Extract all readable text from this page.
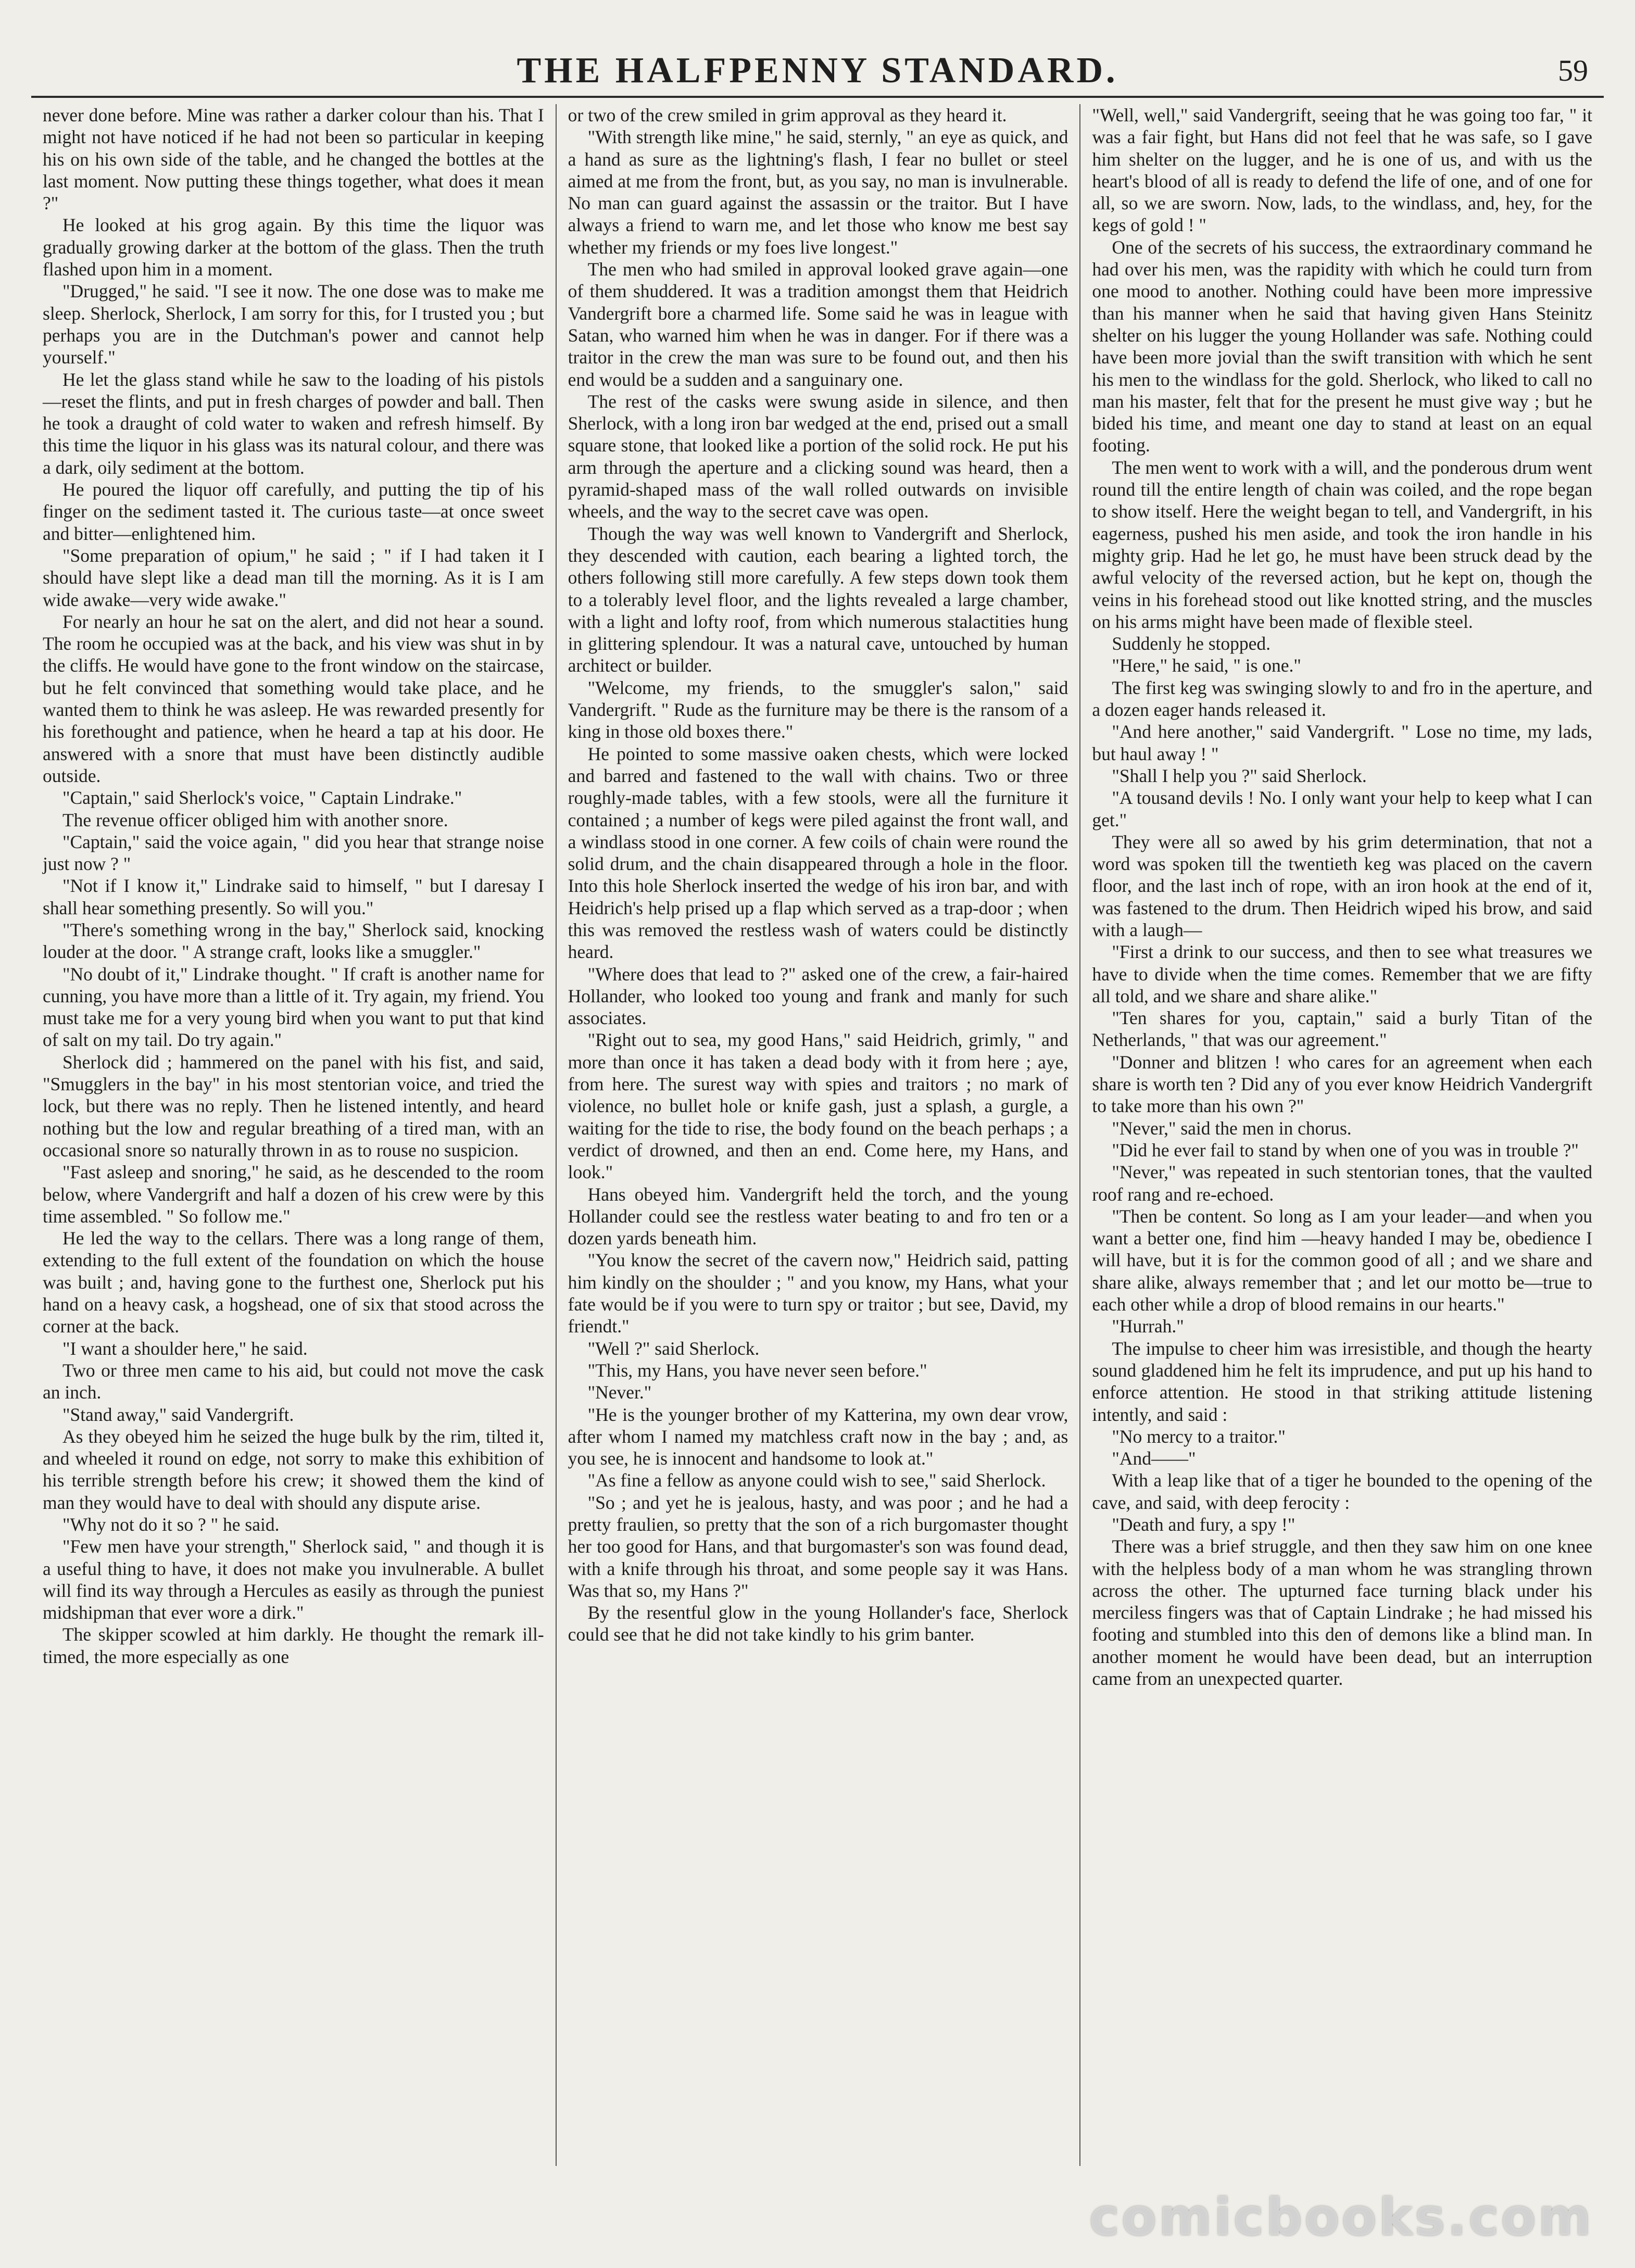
THE HALFPENNY STANDARD.	59

never done before. Mine was rather a darker colour than his. That I might not have noticed if he had not been so particular in keeping his on his own side of the table, and he changed the bottles at the last moment. Now putting these things together, what does it mean ?"

He looked at his grog again. By this time the liquor was gradually growing darker at the bottom of the glass. Then the truth flashed upon him in a moment.

"Drugged," he said. "I see it now. The one dose was to make me sleep. Sherlock, Sherlock, I am sorry for this, for I trusted you ; but perhaps you are in the Dutchman's power and cannot help yourself."

He let the glass stand while he saw to the loading of his pistols—reset the flints, and put in fresh charges of powder and ball. Then he took a draught of cold water to waken and refresh himself. By this time the liquor in his glass was its natural colour, and there was a dark, oily sediment at the bottom.

He poured the liquor off carefully, and putting the tip of his finger on the sediment tasted it. The curious taste—at once sweet and bitter—enlightened him.

"Some preparation of opium," he said ; " if I had taken it I should have slept like a dead man till the morning. As it is I am wide awake—very wide awake."

For nearly an hour he sat on the alert, and did not hear a sound. The room he occupied was at the back, and his view was shut in by the cliffs. He would have gone to the front window on the staircase, but he felt convinced that something would take place, and he wanted them to think he was asleep. He was rewarded presently for his forethought and patience, when he heard a tap at his door. He answered with a snore that must have been distinctly audible outside.

"Captain," said Sherlock's voice, " Captain Lindrake."

The revenue officer obliged him with another snore.

"Captain," said the voice again, " did you hear that strange noise just now ? "

"Not if I know it," Lindrake said to himself, " but I daresay I shall hear something presently. So will you."

"There's something wrong in the bay," Sherlock said, knocking louder at the door. " A strange craft, looks like a smuggler."

"No doubt of it," Lindrake thought. " If craft is another name for cunning, you have more than a little of it. Try again, my friend. You must take me for a very young bird when you want to put that kind of salt on my tail. Do try again."

Sherlock did ; hammered on the panel with his fist, and said, "Smugglers in the bay" in his most stentorian voice, and tried the lock, but there was no reply. Then he listened intently, and heard nothing but the low and regular breathing of a tired man, with an occasional snore so naturally thrown in as to rouse no suspicion.

"Fast asleep and snoring," he said, as he descended to the room below, where Vandergrift and half a dozen of his crew were by this time assembled. " So follow me."

He led the way to the cellars. There was a long range of them, extending to the full extent of the foundation on which the house was built ; and, having gone to the furthest one, Sherlock put his hand on a heavy cask, a hogshead, one of six that stood across the corner at the back.

"I want a shoulder here," he said.

Two or three men came to his aid, but could not move the cask an inch.

"Stand away," said Vandergrift.

As they obeyed him he seized the huge bulk by the rim, tilted it, and wheeled it round on edge, not sorry to make this exhibition of his terrible strength before his crew; it showed them the kind of man they would have to deal with should any dispute arise.

"Why not do it so ? " he said.

"Few men have your strength," Sherlock said, " and though it is a useful thing to have, it does not make you invulnerable. A bullet will find its way through a Hercules as easily as through the puniest midshipman that ever wore a dirk."

The skipper scowled at him darkly. He thought the remark ill-timed, the more especially as one

or two of the crew smiled in grim approval as they heard it.

"With strength like mine," he said, sternly, " an eye as quick, and a hand as sure as the lightning's flash, I fear no bullet or steel aimed at me from the front, but, as you say, no man is invulnerable. No man can guard against the assassin or the traitor. But I have always a friend to warn me, and let those who know me best say whether my friends or my foes live longest."

The men who had smiled in approval looked grave again—one of them shuddered. It was a tradition amongst them that Heidrich Vandergrift bore a charmed life. Some said he was in league with Satan, who warned him when he was in danger. For if there was a traitor in the crew the man was sure to be found out, and then his end would be a sudden and a sanguinary one.

The rest of the casks were swung aside in silence, and then Sherlock, with a long iron bar wedged at the end, prised out a small square stone, that looked like a portion of the solid rock. He put his arm through the aperture and a clicking sound was heard, then a pyramid-shaped mass of the wall rolled outwards on invisible wheels, and the way to the secret cave was open.

Though the way was well known to Vandergrift and Sherlock, they descended with caution, each bearing a lighted torch, the others following still more carefully. A few steps down took them to a tolerably level floor, and the lights revealed a large chamber, with a light and lofty roof, from which numerous stalactities hung in glittering splendour. It was a natural cave, untouched by human architect or builder.

"Welcome, my friends, to the smuggler's salon," said Vandergrift. " Rude as the furniture may be there is the ransom of a king in those old boxes there."

He pointed to some massive oaken chests, which were locked and barred and fastened to the wall with chains. Two or three roughly-made tables, with a few stools, were all the furniture it contained ; a number of kegs were piled against the front wall, and a windlass stood in one corner. A few coils of chain were round the solid drum, and the chain disappeared through a hole in the floor. Into this hole Sherlock inserted the wedge of his iron bar, and with Heidrich's help prised up a flap which served as a trap-door ; when this was removed the restless wash of waters could be distinctly heard.

"Where does that lead to ?" asked one of the crew, a fair-haired Hollander, who looked too young and frank and manly for such associates.

"Right out to sea, my good Hans," said Heidrich, grimly, " and more than once it has taken a dead body with it from here ; aye, from here. The surest way with spies and traitors ; no mark of violence, no bullet hole or knife gash, just a splash, a gurgle, a waiting for the tide to rise, the body found on the beach perhaps ; a verdict of drowned, and then an end. Come here, my Hans, and look."

Hans obeyed him. Vandergrift held the torch, and the young Hollander could see the restless water beating to and fro ten or a dozen yards beneath him.

"You know the secret of the cavern now," Heidrich said, patting him kindly on the shoulder ; " and you know, my Hans, what your fate would be if you were to turn spy or traitor ; but see, David, my friendt."

"Well ?" said Sherlock.

"This, my Hans, you have never seen before."

"Never."

"He is the younger brother of my Katterina, my own dear vrow, after whom I named my matchless craft now in the bay ; and, as you see, he is innocent and handsome to look at."

"As fine a fellow as anyone could wish to see," said Sherlock.

"So ; and yet he is jealous, hasty, and was poor ; and he had a pretty fraulien, so pretty that the son of a rich burgomaster thought her too good for Hans, and that burgomaster's son was found dead, with a knife through his throat, and some people say it was Hans. Was that so, my Hans ?"

By the resentful glow in the young Hollander's face, Sherlock could see that he did not take kindly to his grim banter.

"Well, well," said Vandergrift, seeing that he was going too far, " it was a fair fight, but Hans did not feel that he was safe, so I gave him shelter on the lugger, and he is one of us, and with us the heart's blood of all is ready to defend the life of one, and of one for all, so we are sworn. Now, lads, to the windlass, and, hey, for the kegs of gold ! "

One of the secrets of his success, the extraordinary command he had over his men, was the rapidity with which he could turn from one mood to another. Nothing could have been more impressive than his manner when he said that having given Hans Steinitz shelter on his lugger the young Hollander was safe. Nothing could have been more jovial than the swift transition with which he sent his men to the windlass for the gold. Sherlock, who liked to call no man his master, felt that for the present he must give way ; but he bided his time, and meant one day to stand at least on an equal footing.

The men went to work with a will, and the ponderous drum went round till the entire length of chain was coiled, and the rope began to show itself. Here the weight began to tell, and Vandergrift, in his eagerness, pushed his men aside, and took the iron handle in his mighty grip. Had he let go, he must have been struck dead by the awful velocity of the reversed action, but he kept on, though the veins in his forehead stood out like knotted string, and the muscles on his arms might have been made of flexible steel.

Suddenly he stopped.

"Here," he said, " is one."

The first keg was swinging slowly to and fro in the aperture, and a dozen eager hands released it.

"And here another," said Vandergrift. " Lose no time, my lads, but haul away ! "

"Shall I help you ?" said Sherlock.

"A tousand devils ! No. I only want your help to keep what I can get."

They were all so awed by his grim determination, that not a word was spoken till the twentieth keg was placed on the cavern floor, and the last inch of rope, with an iron hook at the end of it, was fastened to the drum. Then Heidrich wiped his brow, and said with a laugh—

"First a drink to our success, and then to see what treasures we have to divide when the time comes. Remember that we are fifty all told, and we share and share alike."

"Ten shares for you, captain," said a burly Titan of the Netherlands, " that was our agreement."

"Donner and blitzen ! who cares for an agreement when each share is worth ten ? Did any of you ever know Heidrich Vandergrift to take more than his own ?"

"Never," said the men in chorus.

"Did he ever fail to stand by when one of you was in trouble ?"

"Never," was repeated in such stentorian tones, that the vaulted roof rang and re-echoed.

"Then be content. So long as I am your leader—and when you want a better one, find him —heavy handed I may be, obedience I will have, but it is for the common good of all ; and we share and share alike, always remember that ; and let our motto be—true to each other while a drop of blood remains in our hearts."

"Hurrah."

The impulse to cheer him was irresistible, and though the hearty sound gladdened him he felt its imprudence, and put up his hand to enforce attention. He stood in that striking attitude listening intently, and said :

"No mercy to a traitor."

"And——"

With a leap like that of a tiger he bounded to the opening of the cave, and said, with deep ferocity :

"Death and fury, a spy !"

There was a brief struggle, and then they saw him on one knee with the helpless body of a man whom he was strangling thrown across the other. The upturned face turning black under his merciless fingers was that of Captain Lindrake ; he had missed his footing and stumbled into this den of demons like a blind man. In another moment he would have been dead, but an interruption came from an unexpected quarter.

comicbooks.com
